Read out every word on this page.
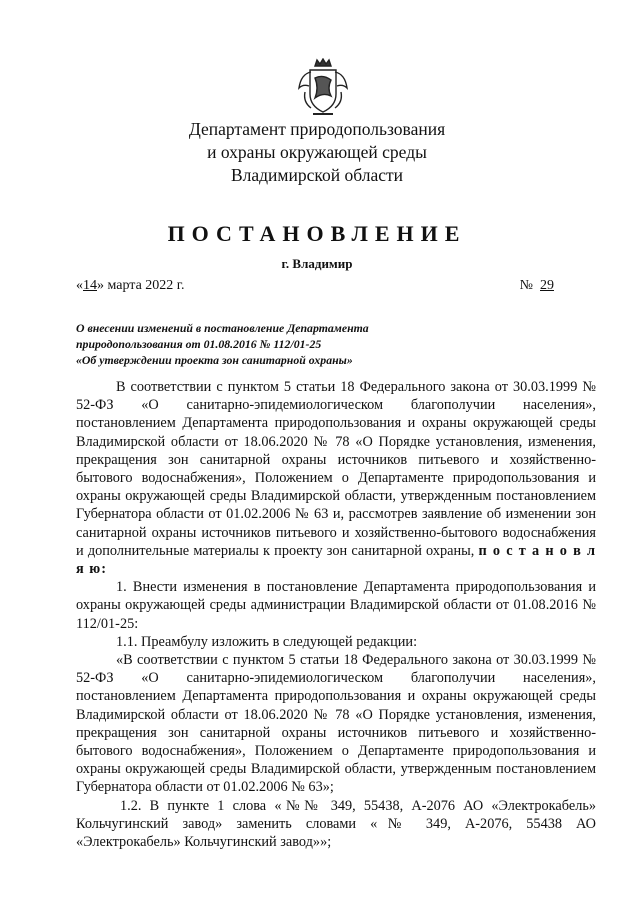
Департамент природопользования
и охраны окружающей среды
Владимирской области
ПОСТАНОВЛЕНИЕ
г. Владимир
«14» марта 2022 г.	№ 29
О внесении изменений в постановление Департамента
природопользования от 01.08.2016 № 112/01-25
«Об утверждении проекта зон санитарной охраны»

В соответствии с пунктом 5 статьи 18 Федерального закона от 30.03.1999 № 52-ФЗ «О санитарно-эпидемиологическом благополучии населения», постановлением Департамента природопользования и охраны окружающей среды Владимирской области от 18.06.2020 № 78 «О Порядке установления, изменения, прекращения зон санитарной охраны источников питьевого и хозяйственно-бытового водоснабжения», Положением о Департаменте природопользования и охраны окружающей среды Владимирской области, утвержденным постановлением Губернатора области от 01.02.2006 № 63 и, рассмотрев заявление об изменении зон санитарной охраны источников питьевого и хозяйственно-бытового водоснабжения и дополнительные материалы к проекту зон санитарной охраны, п о с т а н о в л я ю:

1. Внести изменения в постановление Департамента природопользования и охраны окружающей среды администрации Владимирской области от 01.08.2016 № 112/01-25:

1.1. Преамбулу изложить в следующей редакции:

«В соответствии с пунктом 5 статьи 18 Федерального закона от 30.03.1999 № 52-ФЗ «О санитарно-эпидемиологическом благополучии населения», постановлением Департамента природопользования и охраны окружающей среды Владимирской области от 18.06.2020 № 78 «О Порядке установления, изменения, прекращения зон санитарной охраны источников питьевого и хозяйственно-бытового водоснабжения», Положением о Департаменте природопользования и охраны окружающей среды Владимирской области, утвержденным постановлением Губернатора области от 01.02.2006 № 63»;

1.2. В пункте 1 слова «№№ 349, 55438, А-2076 АО «Электрокабель» Кольчугинский завод» заменить словами «№ 349, А-2076, 55438 АО «Электрокабель» Кольчугинский завод»»;
